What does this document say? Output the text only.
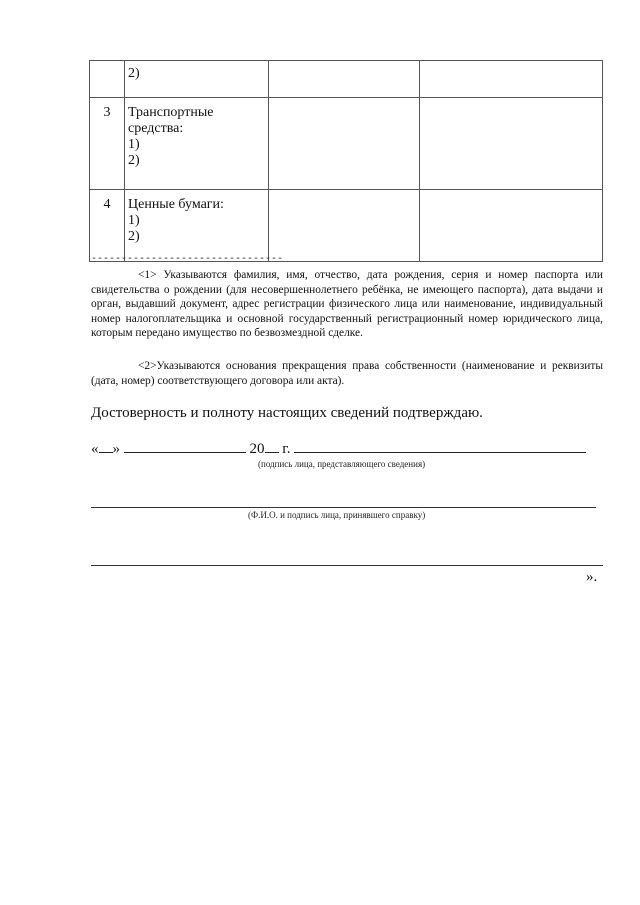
	2)		

3	Транспортные
средства:
1)
2)		

4	Ценные бумаги:
1)
2)		

--------------------------------

<1> Указываются фамилия, имя, отчество, дата рождения, серия и номер паспорта или свидетельства о рождении (для несовершеннолетнего ребёнка, не имеющего паспорта), дата выдачи и орган, выдавший документ, адрес регистрации физического лица или наименование, индивидуальный номер налогоплательщика и основной государственный регистрационный номер юридического лица, которым передано имущество по безвозмездной сделке.

<2>Указываются основания прекращения права собственности (наименование и реквизиты (дата, номер) соответствующего договора или акта).

Достоверность и полноту настоящих сведений подтверждаю.
« »	20 г.
(подпись лица, представляющего сведения)
(Ф.И.О. и подпись лица, принявшего справку)
».
